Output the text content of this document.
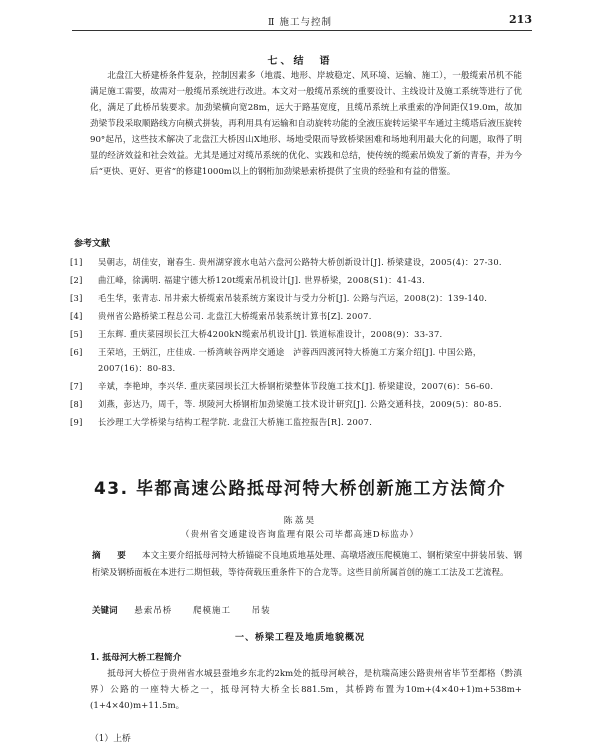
Ⅱ 施工与控制	213
七、结　语

北盘江大桥建桥条件复杂，控制因素多（地震、地形、岸坡稳定、风环境、运输、施工），一般缆索吊机不能满足施工需要，故需对一般缆吊系统进行改进。本文对一般缆吊系统的重要设计、主线设计及施工系统等进行了优化，满足了此桥吊装要求。加劲梁横向宽28m，远大于路基宽度，且缆吊系统上承重索的净间距仅19.0m，故加劲梁节段采取顺路线方向横式拼装，再利用具有运输和自动旋转功能的全液压旋转运梁平车通过主缆塔后液压旋转90°起吊，这些技术解决了北盘江大桥因山X地形、场地受限而导致桥梁困难和场地利用最大化的问题，取得了明显的经济效益和社会效益。尤其是通过对缆吊系统的优化、实践和总结，使传统的缆索吊焕发了新的青春，并为今后“更快、更好、更省”的修建1000m以上的钢桁加劲梁悬索桥提供了宝贵的经验和有益的借鉴。

参考文献
[1] 吴朝志，胡佳安，谢春生. 贵州湖穿渡水电站六盘河公路特大桥创新设计[J]. 桥梁建设，2005(4)：27-30.
[2] 曲江峰，徐满明. 福建宁德大桥120t缆索吊机设计[J]. 世界桥梁，2008(S1)：41-43.
[3] 毛生华，张青志. 吊井索大桥缆索吊装系统方案设计与受力分析[J]. 公路与汽运，2008(2)：139-140.
[4] 贵州省公路桥梁工程总公司. 北盘江大桥缆索吊装系统计算书[Z]. 2007.
[5] 王东辉. 重庆菜园坝长江大桥4200kN缆索吊机设计[J]. 铁道标准设计，2008(9)：33-37.
[6] 王荣培，王炳江，庄佳成. 一桥湾峡谷两岸交通途　泸蓉西四渡河特大桥施工方案介绍[J]. 中国公路，2007(16)：80-83.
[7] 辛斌，李艳坤，李兴华. 重庆菜园坝长江大桥钢桁梁整体节段施工技术[J]. 桥梁建设，2007(6)：56-60.
[8] 刘燕，彭达乃，周千，等. 坝陵河大桥钢桁加劲梁施工技术设计研究[J]. 公路交通科技，2009(5)：80-85.
[9] 长沙理工大学桥梁与结构工程学院. 北盘江大桥施工监控报告[R]. 2007.
43. 毕都高速公路抵母河特大桥创新施工方法简介
陈荔昊
（贵州省交通建设咨询监理有限公司毕都高速D标监办）

摘　要 本文主要介绍抵母河特大桥锚碇不良地质地基处理、高墩塔液压爬模施工、钢桁梁室中拼装吊装、钢桁梁及钢桥面板在本进行二期恒载，等待荷载压重条件下的合龙等。这些目前所属首创的施工工法及工艺流程。

关键词 悬索吊桥 爬模施工 吊装
一、桥梁工程及地质地貌概况
1. 抵母河大桥工程简介

抵母河大桥位于贵州省水城县蚕地乡东北约2km处的抵母河峡谷，是杭瑞高速公路贵州省毕节至都格（黔滇界）公路的一座特大桥之一，抵母河特大桥全长881.5m，其桥跨布置为10m+(4×40+1)m+538m+(1+4×40)m+11.5m。

（1）上桥
